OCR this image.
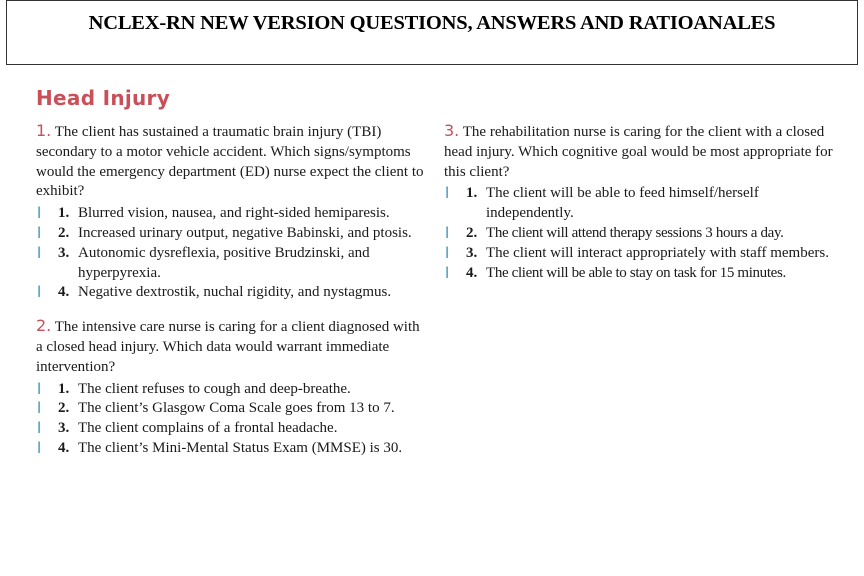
NCLEX-RN NEW VERSION QUESTIONS, ANSWERS AND RATIOANALES
Head Injury

1. The client has sustained a traumatic brain injury (TBI) secondary to a motor vehicle accident. Which signs/symptoms would the emergency department (ED) nurse expect the client to exhibit?

l	1. Blurred vision, nausea, and right-sided hemiparesis.
l	2. Increased urinary output, negative Babinski, and ptosis.
l	3. Autonomic dysreflexia, positive Brudzinski, and hyperpyrexia.
l	4. Negative dextrostik, nuchal rigidity, and nystagmus.

2. The intensive care nurse is caring for a client diagnosed with a closed head injury. Which data would warrant immediate intervention?

l	1. The client refuses to cough and deep-breathe.
l	2. The client’s Glasgow Coma Scale goes from 13 to 7.
l	3. The client complains of a frontal headache.
l	4. The client’s Mini-Mental Status Exam (MMSE) is 30.

3. The rehabilitation nurse is caring for the client with a closed head injury. Which cognitive goal would be most appropriate for this client?

l	1. The client will be able to feed himself/herself independently.
l	2. The client will attend therapy sessions 3 hours a day.
l	3. The client will interact appropriately with staff members.
l	4. The client will be able to stay on task for 15 minutes.
